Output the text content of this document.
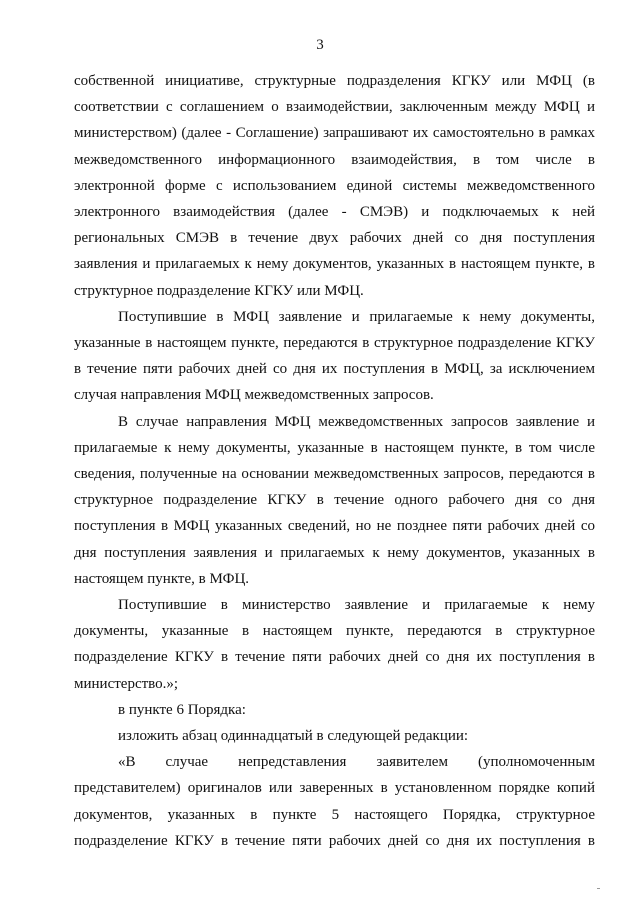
3

собственной инициативе, структурные подразделения КГКУ или МФЦ (в соответствии с соглашением о взаимодействии, заключенным между МФЦ и министерством) (далее - Соглашение) запрашивают их самостоятельно в рамках межведомственного информационного взаимодействия, в том числе в электронной форме с использованием единой системы межведомственного электронного взаимодействия (далее - СМЭВ) и подключаемых к ней региональных СМЭВ в течение двух рабочих дней со дня поступления заявления и прилагаемых к нему документов, указанных в настоящем пункте, в структурное подразделение КГКУ или МФЦ.

Поступившие в МФЦ заявление и прилагаемые к нему документы, указанные в настоящем пункте, передаются в структурное подразделение КГКУ в течение пяти рабочих дней со дня их поступления в МФЦ, за исключением случая направления МФЦ межведомственных запросов.

В случае направления МФЦ межведомственных запросов заявление и прилагаемые к нему документы, указанные в настоящем пункте, в том числе сведения, полученные на основании межведомственных запросов, передаются в структурное подразделение КГКУ в течение одного рабочего дня со дня поступления в МФЦ указанных сведений, но не позднее пяти рабочих дней со дня поступления заявления и прилагаемых к нему документов, указанных в настоящем пункте, в МФЦ.

Поступившие в министерство заявление и прилагаемые к нему документы, указанные в настоящем пункте, передаются в структурное подразделение КГКУ в течение пяти рабочих дней со дня их поступления в министерство.»;

в пункте 6 Порядка:

изложить абзац одиннадцатый в следующей редакции:

«В случае непредставления заявителем (уполномоченным представителем) оригиналов или заверенных в установленном порядке копий документов, указанных в пункте 5 настоящего Порядка, структурное подразделение КГКУ в течение пяти рабочих дней со дня их поступления в
